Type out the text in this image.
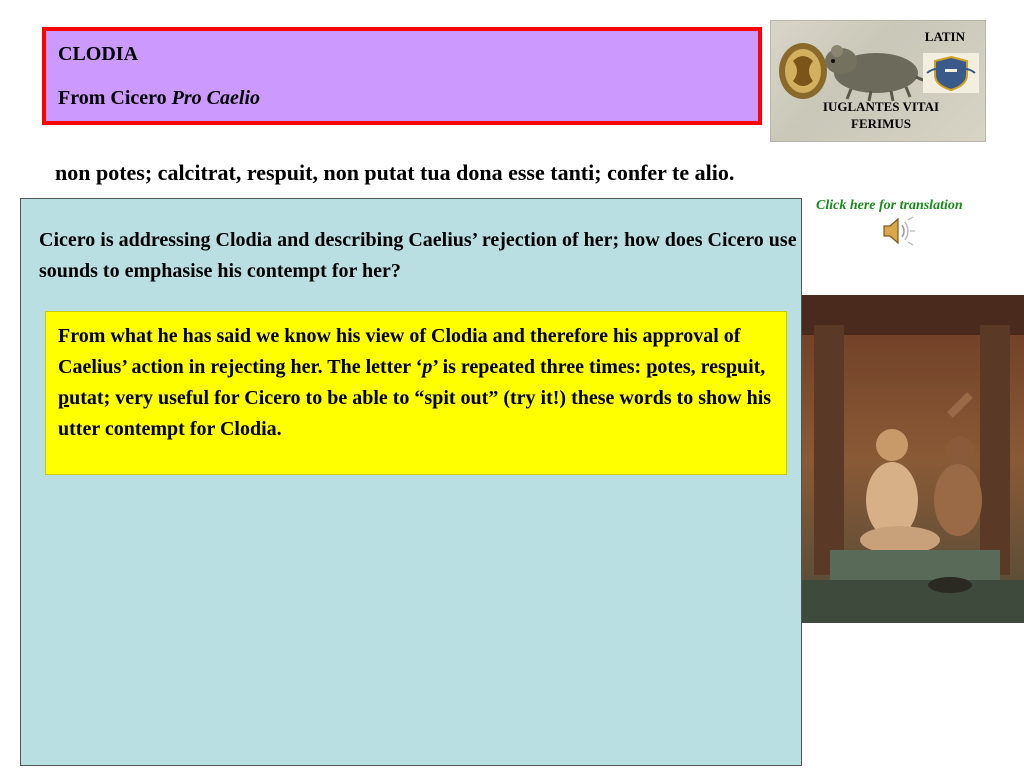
CLODIA
From Cicero Pro Caelio
LATIN
IUGLANTES VITAI
FERIMUS
non potes; calcitrat, respuit, non putat tua dona esse tanti; confer te alio.
Click here for translation
Cicero is addressing Clodia and describing Caelius’ rejection of her; how does Cicero use sounds to emphasise his contempt for her?
From what he has said we know his view of Clodia and therefore his approval of Caelius’ action in rejecting her. The letter ‘p’ is repeated three times: potes, respuit, putat; very useful for Cicero to be able to “spit out” (try it!) these words to show his utter contempt for Clodia.
